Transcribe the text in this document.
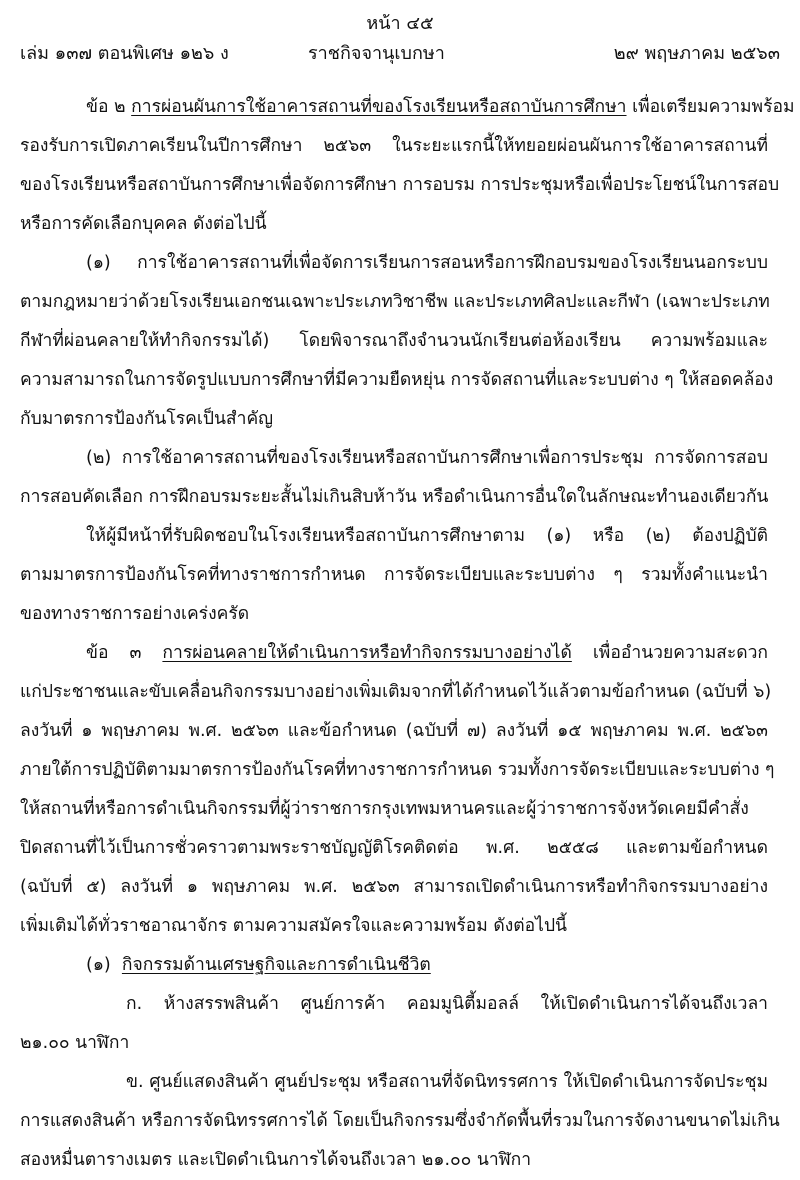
หน้า ๔๕
เล่ม ๑๓๗ ตอนพิเศษ ๑๒๖ ง	ราชกิจจานุเบกษา	๒๙ พฤษภาคม ๒๕๖๓
ข้อ ๒ การผ่อนผันการใช้อาคารสถานที่ของโรงเรียนหรือสถาบันการศึกษา เพื่อเตรียมความพร้อม
รองรับการเปิดภาคเรียนในปีการศึกษา ๒๕๖๓ ในระยะแรกนี้ให้ทยอยผ่อนผันการใช้อาคารสถานที่
ของโรงเรียนหรือสถาบันการศึกษาเพื่อจัดการศึกษา การอบรม การประชุมหรือเพื่อประโยชน์ในการสอบ
หรือการคัดเลือกบุคคล ดังต่อไปนี้
(๑) การใช้อาคารสถานที่เพื่อจัดการเรียนการสอนหรือการฝึกอบรมของโรงเรียนนอกระบบ
ตามกฎหมายว่าด้วยโรงเรียนเอกชนเฉพาะประเภทวิชาชีพ และประเภทศิลปะและกีฬา (เฉพาะประเภท
กีฬาที่ผ่อนคลายให้ทำกิจกรรมได้) โดยพิจารณาถึงจำนวนนักเรียนต่อห้องเรียน ความพร้อมและ
ความสามารถในการจัดรูปแบบการศึกษาที่มีความยืดหยุ่น การจัดสถานที่และระบบต่าง ๆ ให้สอดคล้อง
กับมาตรการป้องกันโรคเป็นสำคัญ
(๒) การใช้อาคารสถานที่ของโรงเรียนหรือสถาบันการศึกษาเพื่อการประชุม การจัดการสอบ
การสอบคัดเลือก การฝึกอบรมระยะสั้นไม่เกินสิบห้าวัน หรือดำเนินการอื่นใดในลักษณะทำนองเดียวกัน
ให้ผู้มีหน้าที่รับผิดชอบในโรงเรียนหรือสถาบันการศึกษาตาม (๑) หรือ (๒) ต้องปฏิบัติ
ตามมาตรการป้องกันโรคที่ทางราชการกำหนด การจัดระเบียบและระบบต่าง ๆ รวมทั้งคำแนะนำ
ของทางราชการอย่างเคร่งครัด
ข้อ ๓ การผ่อนคลายให้ดำเนินการหรือทำกิจกรรมบางอย่างได้ เพื่ออำนวยความสะดวก
แก่ประชาชนและขับเคลื่อนกิจกรรมบางอย่างเพิ่มเติมจากที่ได้กำหนดไว้แล้วตามข้อกำหนด (ฉบับที่ ๖)
ลงวันที่ ๑ พฤษภาคม พ.ศ. ๒๕๖๓ และข้อกำหนด (ฉบับที่ ๗) ลงวันที่ ๑๕ พฤษภาคม พ.ศ. ๒๕๖๓
ภายใต้การปฏิบัติตามมาตรการป้องกันโรคที่ทางราชการกำหนด รวมทั้งการจัดระเบียบและระบบต่าง ๆ
ให้สถานที่หรือการดำเนินกิจกรรมที่ผู้ว่าราชการกรุงเทพมหานครและผู้ว่าราชการจังหวัดเคยมีคำสั่ง
ปิดสถานที่ไว้เป็นการชั่วคราวตามพระราชบัญญัติโรคติดต่อ พ.ศ. ๒๕๕๘ และตามข้อกำหนด
(ฉบับที่ ๕) ลงวันที่ ๑ พฤษภาคม พ.ศ. ๒๕๖๓ สามารถเปิดดำเนินการหรือทำกิจกรรมบางอย่าง
เพิ่มเติมได้ทั่วราชอาณาจักร ตามความสมัครใจและความพร้อม ดังต่อไปนี้
(๑) กิจกรรมด้านเศรษฐกิจและการดำเนินชีวิต
ก. ห้างสรรพสินค้า ศูนย์การค้า คอมมูนิตี้มอลล์ ให้เปิดดำเนินการได้จนถึงเวลา
๒๑.๐๐ นาฬิกา
ข. ศูนย์แสดงสินค้า ศูนย์ประชุม หรือสถานที่จัดนิทรรศการ ให้เปิดดำเนินการจัดประชุม
การแสดงสินค้า หรือการจัดนิทรรศการได้ โดยเป็นกิจกรรมซึ่งจำกัดพื้นที่รวมในการจัดงานขนาดไม่เกิน
สองหมื่นตารางเมตร และเปิดดำเนินการได้จนถึงเวลา ๒๑.๐๐ นาฬิกา
